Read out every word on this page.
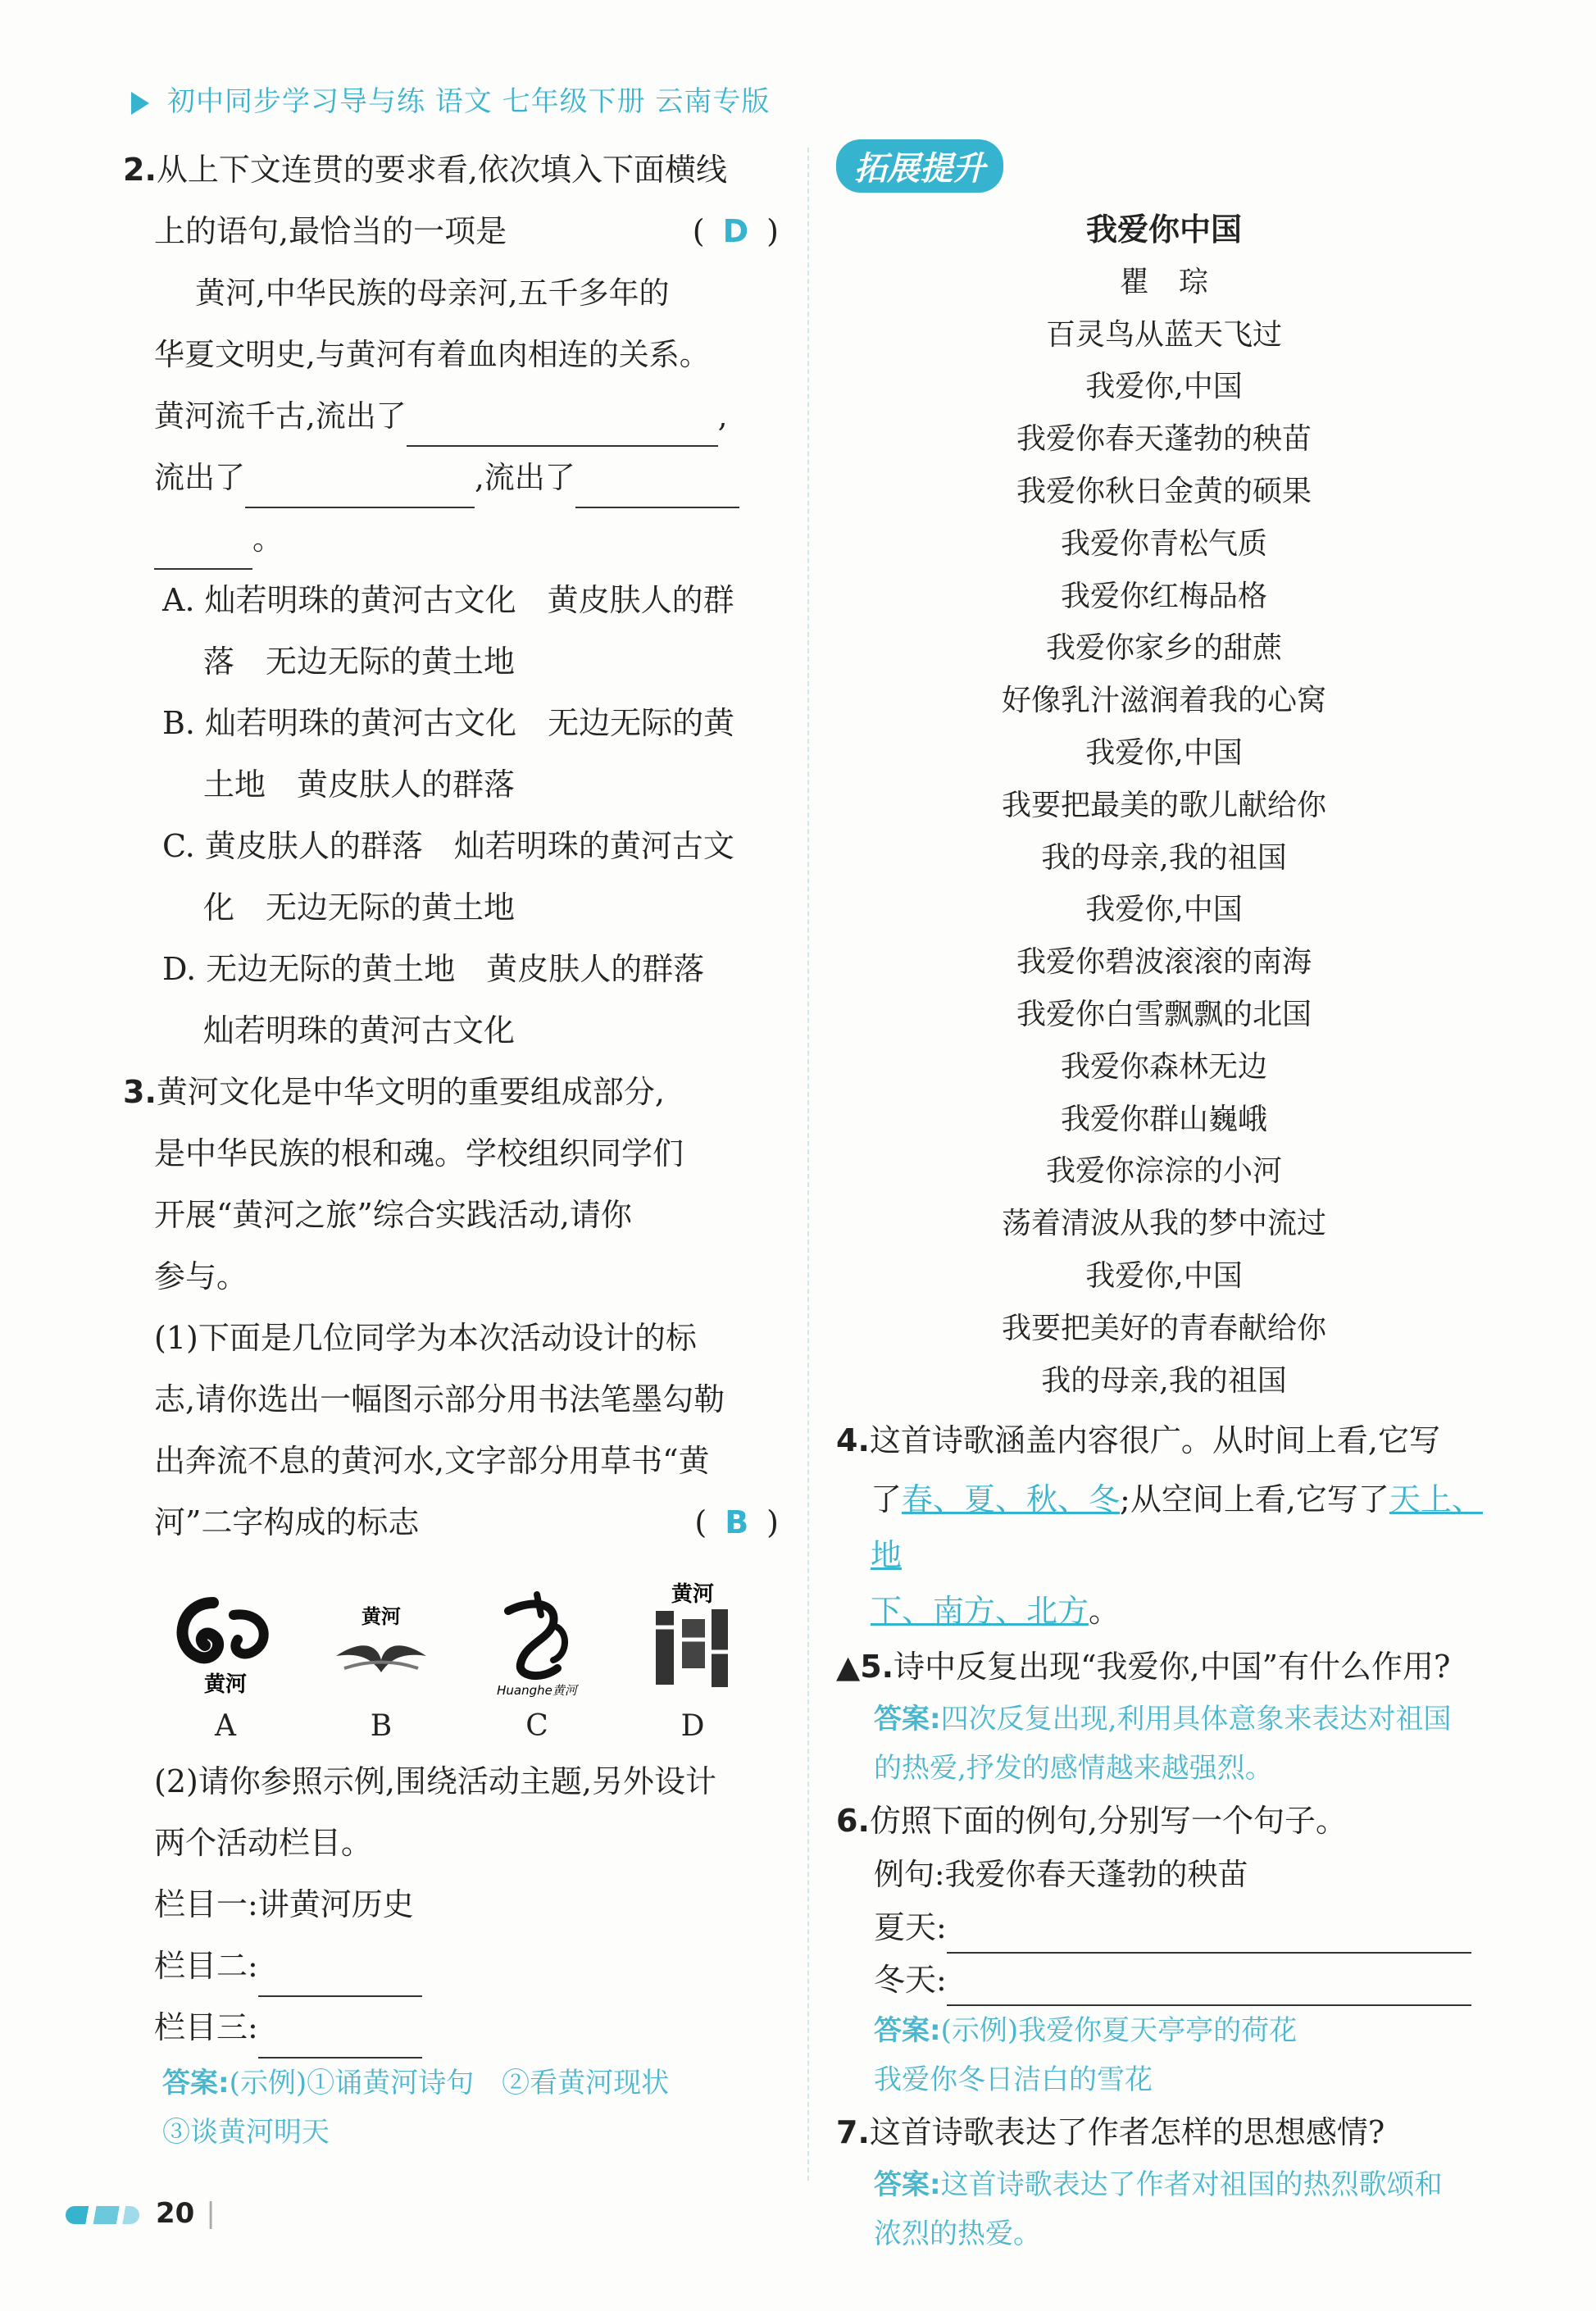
初中同步学习导与练 语文 七年级下册 云南专版
2.从上下文连贯的要求看,依次填入下面横线
上的语句,最恰当的一项是	( D )
黄河,中华民族的母亲河,五千多年的
华夏文明史,与黄河有着血肉相连的关系。
黄河流千古,流出了	,
流出了	,流出了
。
A. 灿若明珠的黄河古文化　黄皮肤人的群
落　无边无际的黄土地
B. 灿若明珠的黄河古文化　无边无际的黄
土地　黄皮肤人的群落
C. 黄皮肤人的群落　灿若明珠的黄河古文
化　无边无际的黄土地
D. 无边无际的黄土地　黄皮肤人的群落
灿若明珠的黄河古文化
3.黄河文化是中华文明的重要组成部分,
是中华民族的根和魂。学校组织同学们
开展“黄河之旅”综合实践活动,请你
参与。
(1)下面是几位同学为本次活动设计的标
志,请你选出一幅图示部分用书法笔墨勾勒
出奔流不息的黄河水,文字部分用草书“黄
河”二字构成的标志	( B )
黄河
A
黄河
B
Huanghe黄河
C
黄河
D
(2)请你参照示例,围绕活动主题,另外设计
两个活动栏目。
栏目一:讲黄河历史
栏目二:
栏目三:
答案:(示例)①诵黄河诗句　②看黄河现状
③谈黄河明天
拓展提升
我爱你中国
瞿　琮
百灵鸟从蓝天飞过
我爱你,中国
我爱你春天蓬勃的秧苗
我爱你秋日金黄的硕果
我爱你青松气质
我爱你红梅品格
我爱你家乡的甜蔗
好像乳汁滋润着我的心窝
我爱你,中国
我要把最美的歌儿献给你
我的母亲,我的祖国
我爱你,中国
我爱你碧波滚滚的南海
我爱你白雪飘飘的北国
我爱你森林无边
我爱你群山巍峨
我爱你淙淙的小河
荡着清波从我的梦中流过
我爱你,中国
我要把美好的青春献给你
我的母亲,我的祖国
4.这首诗歌涵盖内容很广。从时间上看,它写
了春、夏、秋、冬;从空间上看,它写了天上、地
下、南方、北方。
▲5.诗中反复出现“我爱你,中国”有什么作用?
答案:四次反复出现,利用具体意象来表达对祖国
的热爱,抒发的感情越来越强烈。
6.仿照下面的例句,分别写一个句子。
例句:我爱你春天蓬勃的秧苗
夏天:
冬天:
答案:(示例)我爱你夏天亭亭的荷花
我爱你冬日洁白的雪花
7.这首诗歌表达了作者怎样的思想感情?
答案:这首诗歌表达了作者对祖国的热烈歌颂和
浓烈的热爱。
20 |
